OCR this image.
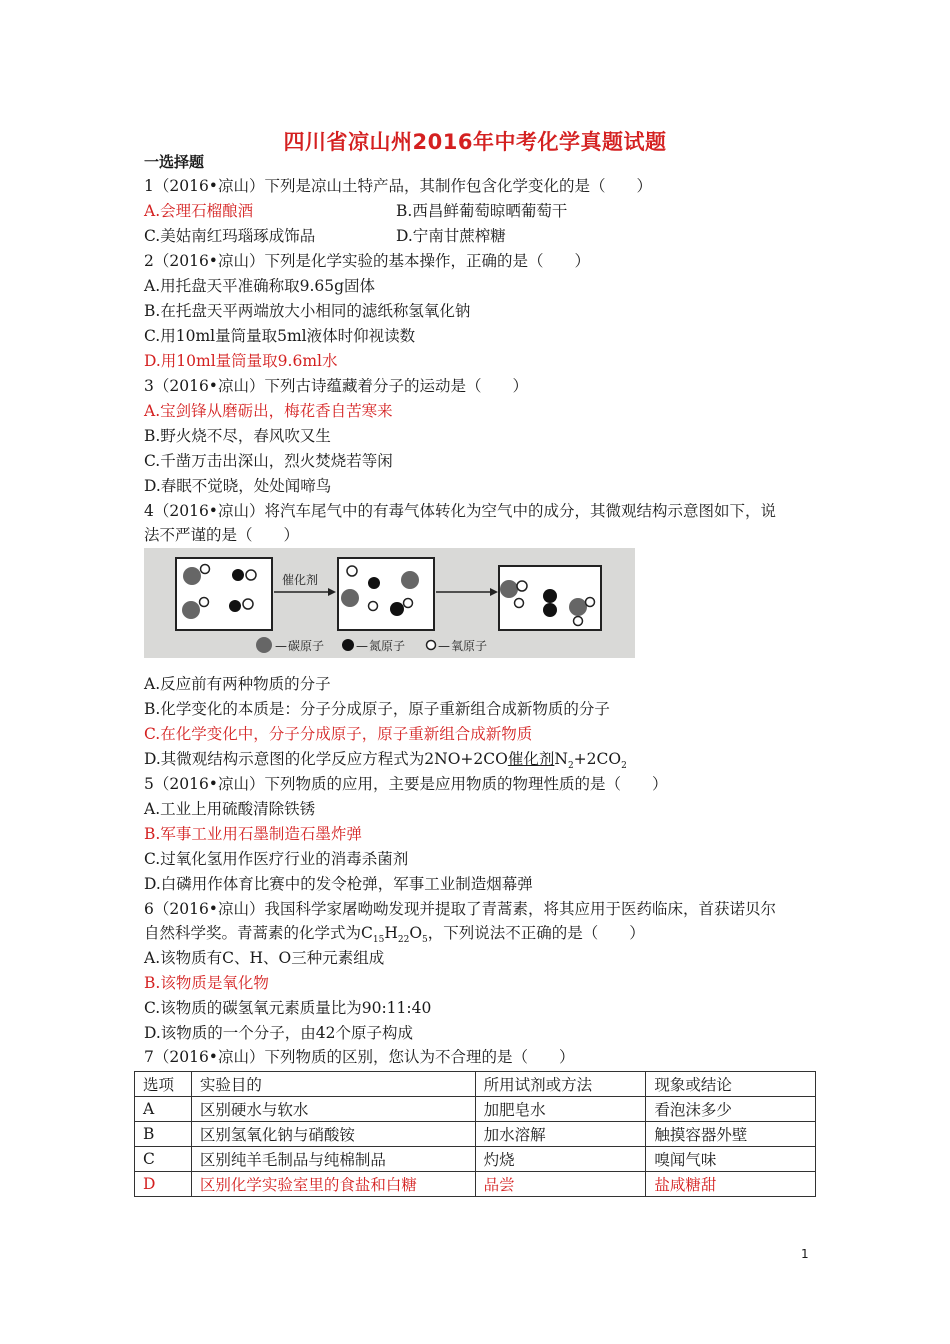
四川省凉山州2016年中考化学真题试题
一选择题
1（2016•凉山）下列是凉山土特产品，其制作包含化学变化的是（　　）
A.会理石榴酿酒	B.西昌鲜葡萄晾晒葡萄干
C.美姑南红玛瑙琢成饰品	D.宁南甘蔗榨糖
2（2016•凉山）下列是化学实验的基本操作，正确的是（　　）
A.用托盘天平准确称取9.65g固体
B.在托盘天平两端放大小相同的滤纸称氢氧化钠
C.用10ml量筒量取5ml液体时仰视读数
D.用10ml量筒量取9.6ml水
3（2016•凉山）下列古诗蕴藏着分子的运动是（　　）
A.宝剑锋从磨砺出，梅花香自苦寒来
B.野火烧不尽，春风吹又生
C.千凿万击出深山，烈火焚烧若等闲
D.春眠不觉晓，处处闻啼鸟
4（2016•凉山）将汽车尾气中的有毒气体转化为空气中的成分，其微观结构示意图如下，说
法不严谨的是（　　）
催化剂
— 碳原子	— 氮原子	— 氧原子
A.反应前有两种物质的分子
B.化学变化的本质是：分子分成原子，原子重新组合成新物质的分子
C.在化学变化中，分子分成原子，原子重新组合成新物质
D.其微观结构示意图的化学反应方程式为2NO+2CO催化剂$N_2+2CO_2$
5（2016•凉山）下列物质的应用，主要是应用物质的物理性质的是（　　）
A.工业上用硫酸清除铁锈
B.军事工业用石墨制造石墨炸弹
C.过氧化氢用作医疗行业的消毒杀菌剂
D.白磷用作体育比赛中的发令枪弹，军事工业制造烟幕弹
6（2016•凉山）我国科学家屠呦呦发现并提取了青蒿素，将其应用于医药临床，首获诺贝尔
自然科学奖。青蒿素的化学式为$C_{15}H_{22}O_5$，下列说法不正确的是（　　）
A.该物质有C、H、O三种元素组成
B.该物质是氧化物
C.该物质的碳氢氧元素质量比为90:11:40
D.该物质的一个分子，由42个原子构成
7（2016•凉山）下列物质的区别，您认为不合理的是（　　）
选项	实验目的	所用试剂或方法	现象或结论
A	区别硬水与软水	加肥皂水	看泡沫多少
B	区别氢氧化钠与硝酸铵	加水溶解	触摸容器外壁
C	区别纯羊毛制品与纯棉制品	灼烧	嗅闻气味
D	区别化学实验室里的食盐和白糖	品尝	盐咸糖甜
1
